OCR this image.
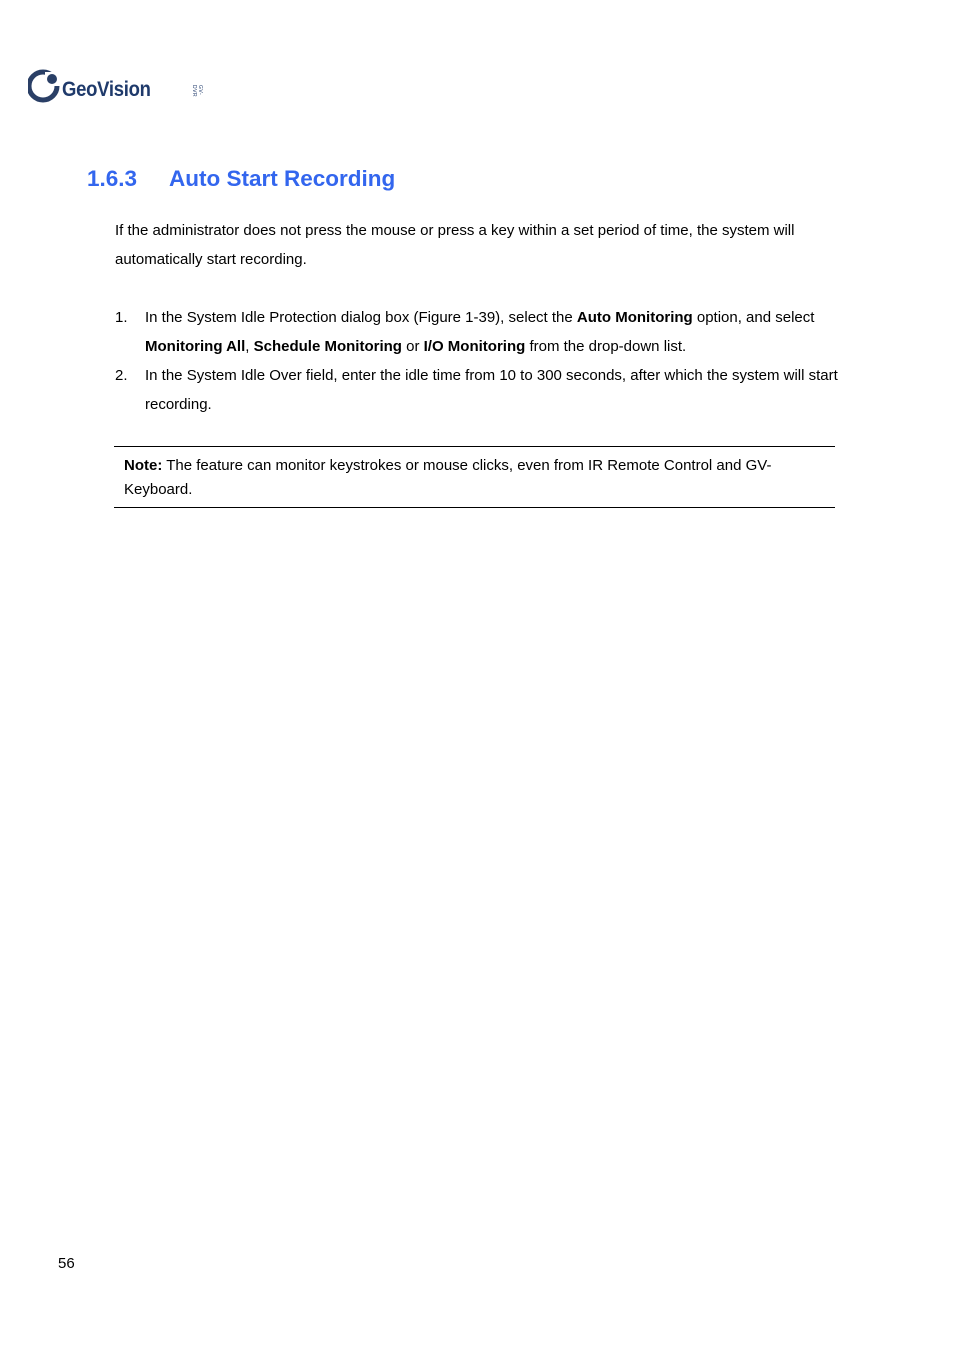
GeoVision	GV-DVR
1.6.3 Auto Start Recording
If the administrator does not press the mouse or press a key within a set period of time, the system will automatically start recording.
1. In the System Idle Protection dialog box (Figure 1-39), select the Auto Monitoring option, and select Monitoring All, Schedule Monitoring or I/O Monitoring from the drop-down list.
2. In the System Idle Over field, enter the idle time from 10 to 300 seconds, after which the system will start recording.
Note: The feature can monitor keystrokes or mouse clicks, even from IR Remote Control and GV-Keyboard.
56
